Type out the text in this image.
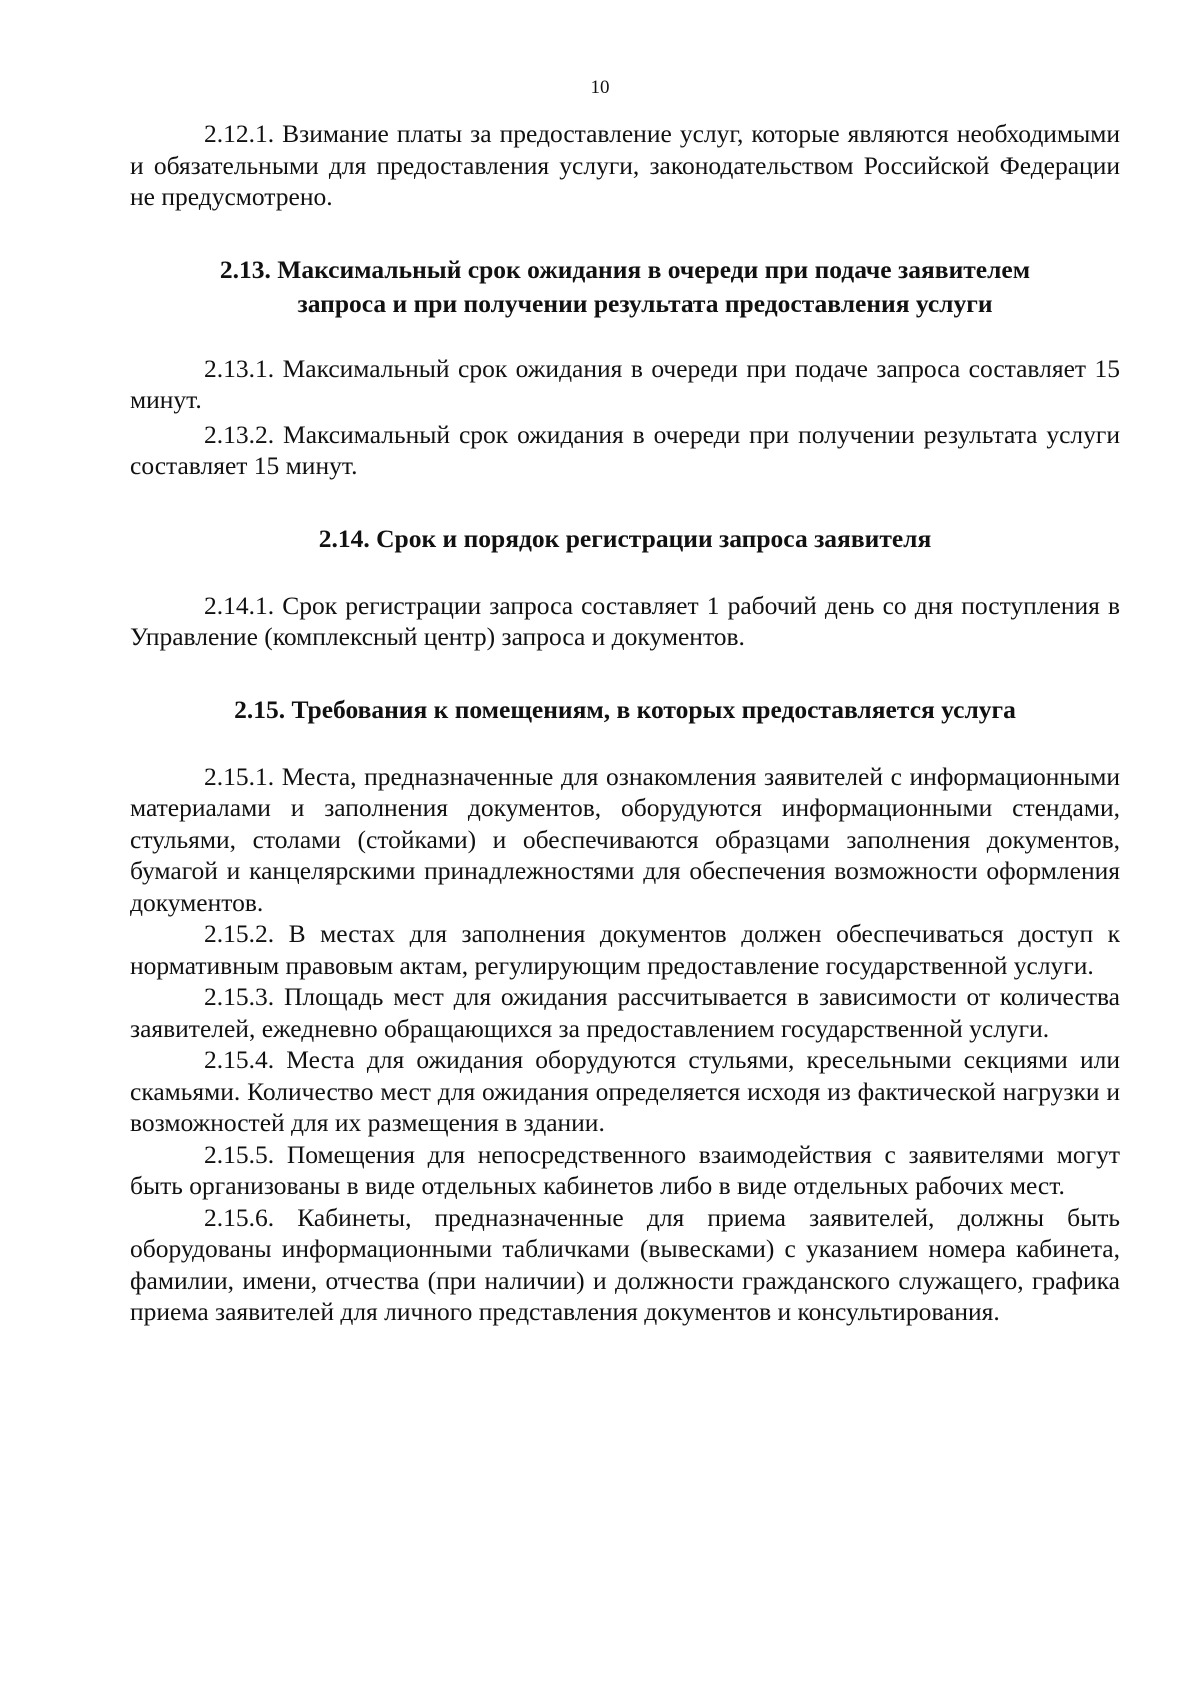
10

2.12.1. Взимание платы за предоставление услуг, которые являются необходимыми и обязательными для предоставления услуги, законодательством Российской Федерации не предусмотрено.

2.13. Максимальный срок ожидания в очереди при подаче заявителем
запроса и при получении результата предоставления услуги

2.13.1. Максимальный срок ожидания в очереди при подаче запроса составляет 15 минут.

2.13.2. Максимальный срок ожидания в очереди при получении результата услуги составляет 15 минут.

2.14. Срок и порядок регистрации запроса заявителя

2.14.1. Срок регистрации запроса составляет 1 рабочий день со дня поступления в Управление (комплексный центр) запроса и документов.

2.15. Требования к помещениям, в которых предоставляется услуга

2.15.1. Места, предназначенные для ознакомления заявителей с информационными материалами и заполнения документов, оборудуются информационными стендами, стульями, столами (стойками) и обеспечиваются образцами заполнения документов, бумагой и канцелярскими принадлежностями для обеспечения возможности оформления документов.

2.15.2. В местах для заполнения документов должен обеспечиваться доступ к нормативным правовым актам, регулирующим предоставление государственной услуги.

2.15.3. Площадь мест для ожидания рассчитывается в зависимости от количества заявителей, ежедневно обращающихся за предоставлением государственной услуги.

2.15.4. Места для ожидания оборудуются стульями, кресельными секциями или скамьями. Количество мест для ожидания определяется исходя из фактической нагрузки и возможностей для их размещения в здании.

2.15.5. Помещения для непосредственного взаимодействия с заявителями могут быть организованы в виде отдельных кабинетов либо в виде отдельных рабочих мест.

2.15.6. Кабинеты, предназначенные для приема заявителей, должны быть оборудованы информационными табличками (вывесками) с указанием номера кабинета, фамилии, имени, отчества (при наличии) и должности гражданского служащего, графика приема заявителей для личного представления документов и консультирования.
